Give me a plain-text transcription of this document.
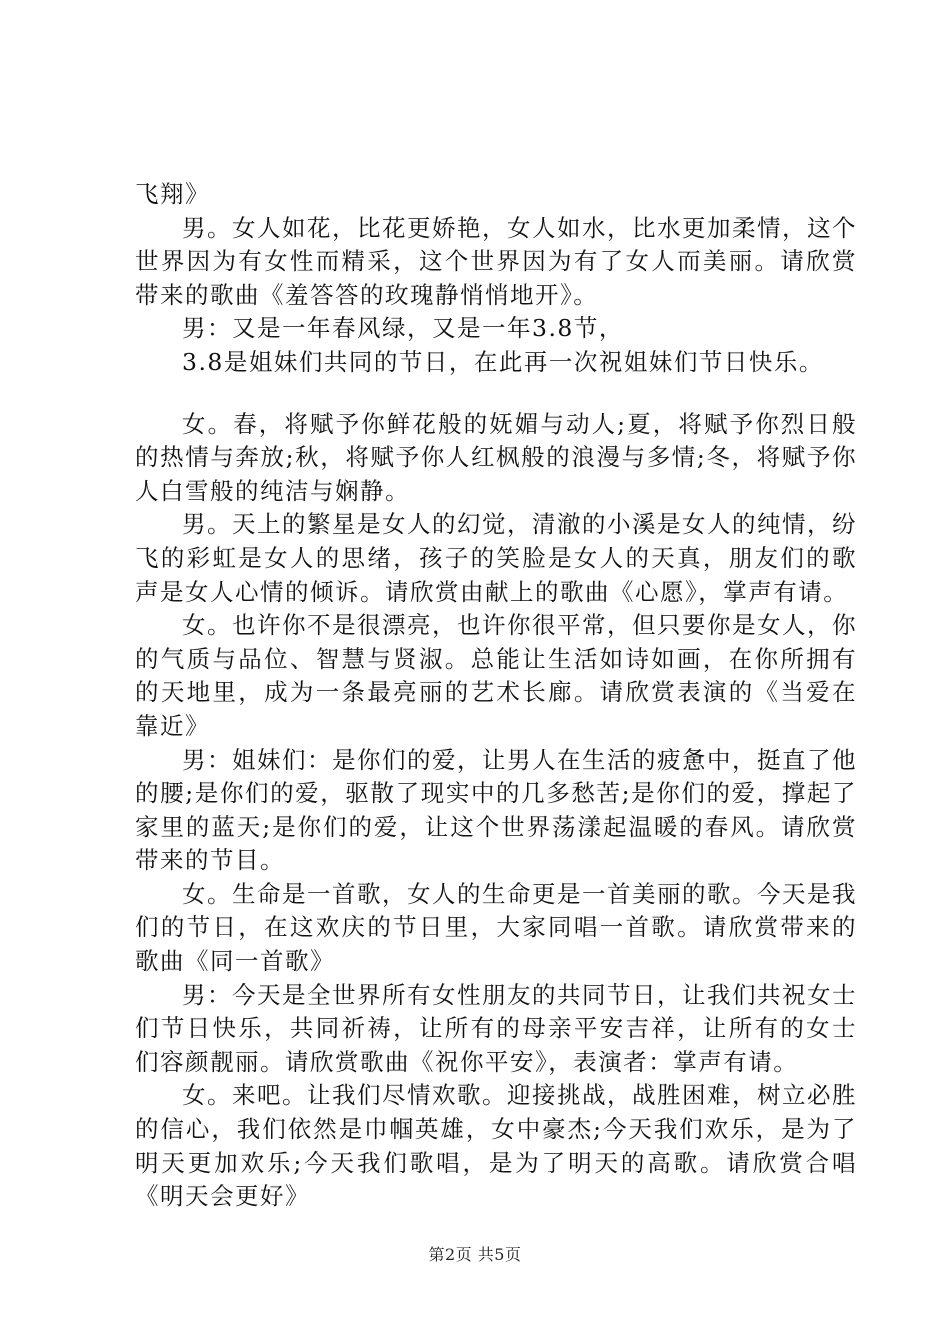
飞翔》

男。女人如花，比花更娇艳，女人如水，比水更加柔情，这个世界因为有女性而精采，这个世界因为有了女人而美丽。请欣赏带来的歌曲《羞答答的玫瑰静悄悄地开》。

男：又是一年春风绿，又是一年3.8节，

3.8是姐妹们共同的节日，在此再一次祝姐妹们节日快乐。

女。春，将赋予你鲜花般的妩媚与动人;夏，将赋予你烈日般的热情与奔放;秋，将赋予你人红枫般的浪漫与多情;冬，将赋予你人白雪般的纯洁与娴静。

男。天上的繁星是女人的幻觉，清澈的小溪是女人的纯情，纷飞的彩虹是女人的思绪，孩子的笑脸是女人的天真，朋友们的歌声是女人心情的倾诉。请欣赏由献上的歌曲《心愿》，掌声有请。

女。也许你不是很漂亮，也许你很平常，但只要你是女人，你的气质与品位、智慧与贤淑。总能让生活如诗如画，在你所拥有的天地里，成为一条最亮丽的艺术长廊。请欣赏表演的《当爱在靠近》

男：姐妹们：是你们的爱，让男人在生活的疲惫中，挺直了他的腰;是你们的爱，驱散了现实中的几多愁苦;是你们的爱，撑起了家里的蓝天;是你们的爱，让这个世界荡漾起温暖的春风。请欣赏带来的节目。

女。生命是一首歌，女人的生命更是一首美丽的歌。今天是我们的节日，在这欢庆的节日里，大家同唱一首歌。请欣赏带来的歌曲《同一首歌》

男：今天是全世界所有女性朋友的共同节日，让我们共祝女士们节日快乐，共同祈祷，让所有的母亲平安吉祥，让所有的女士们容颜靓丽。请欣赏歌曲《祝你平安》，表演者：掌声有请。

女。来吧。让我们尽情欢歌。迎接挑战，战胜困难，树立必胜的信心，我们依然是巾帼英雄，女中豪杰;今天我们欢乐，是为了明天更加欢乐;今天我们歌唱，是为了明天的高歌。请欣赏合唱《明天会更好》

第2页 共5页
